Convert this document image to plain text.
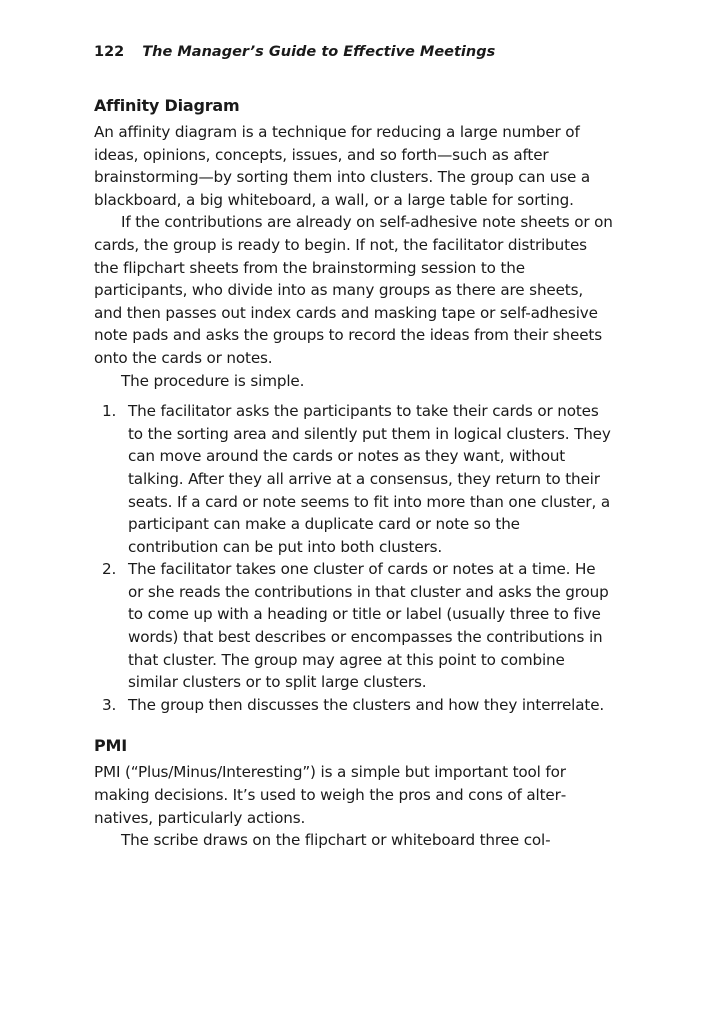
122 The Manager’s Guide to Effective Meetings
Affinity Diagram

An affinity diagram is a technique for reducing a large number of ideas, opinions, concepts, issues, and so forth—such as after brainstorming—by sorting them into clusters. The group can use a blackboard, a big whiteboard, a wall, or a large table for sorting.

If the contributions are already on self-adhesive note sheets or on cards, the group is ready to begin. If not, the facilitator distributes the flipchart sheets from the brainstorming session to the participants, who divide into as many groups as there are sheets, and then passes out index cards and masking tape or self-adhesive note pads and asks the groups to record the ideas from their sheets onto the cards or notes.

The procedure is simple.

1. The facilitator asks the participants to take their cards or notes to the sorting area and silently put them in logical clusters. They can move around the cards or notes as they want, without talking. After they all arrive at a consensus, they return to their seats. If a card or note seems to fit into more than one cluster, a participant can make a duplicate card or note so the contribution can be put into both clusters.
2. The facilitator takes one cluster of cards or notes at a time. He or she reads the contributions in that cluster and asks the group to come up with a heading or title or label (usually three to five words) that best describes or encompasses the contributions in that cluster. The group may agree at this point to combine similar clusters or to split large clusters.
3. The group then discusses the clusters and how they interrelate.
PMI

PMI (“Plus/Minus/Interesting”) is a simple but important tool for making decisions. It’s used to weigh the pros and cons of alternatives, particularly actions.

The scribe draws on the flipchart or whiteboard three col-
